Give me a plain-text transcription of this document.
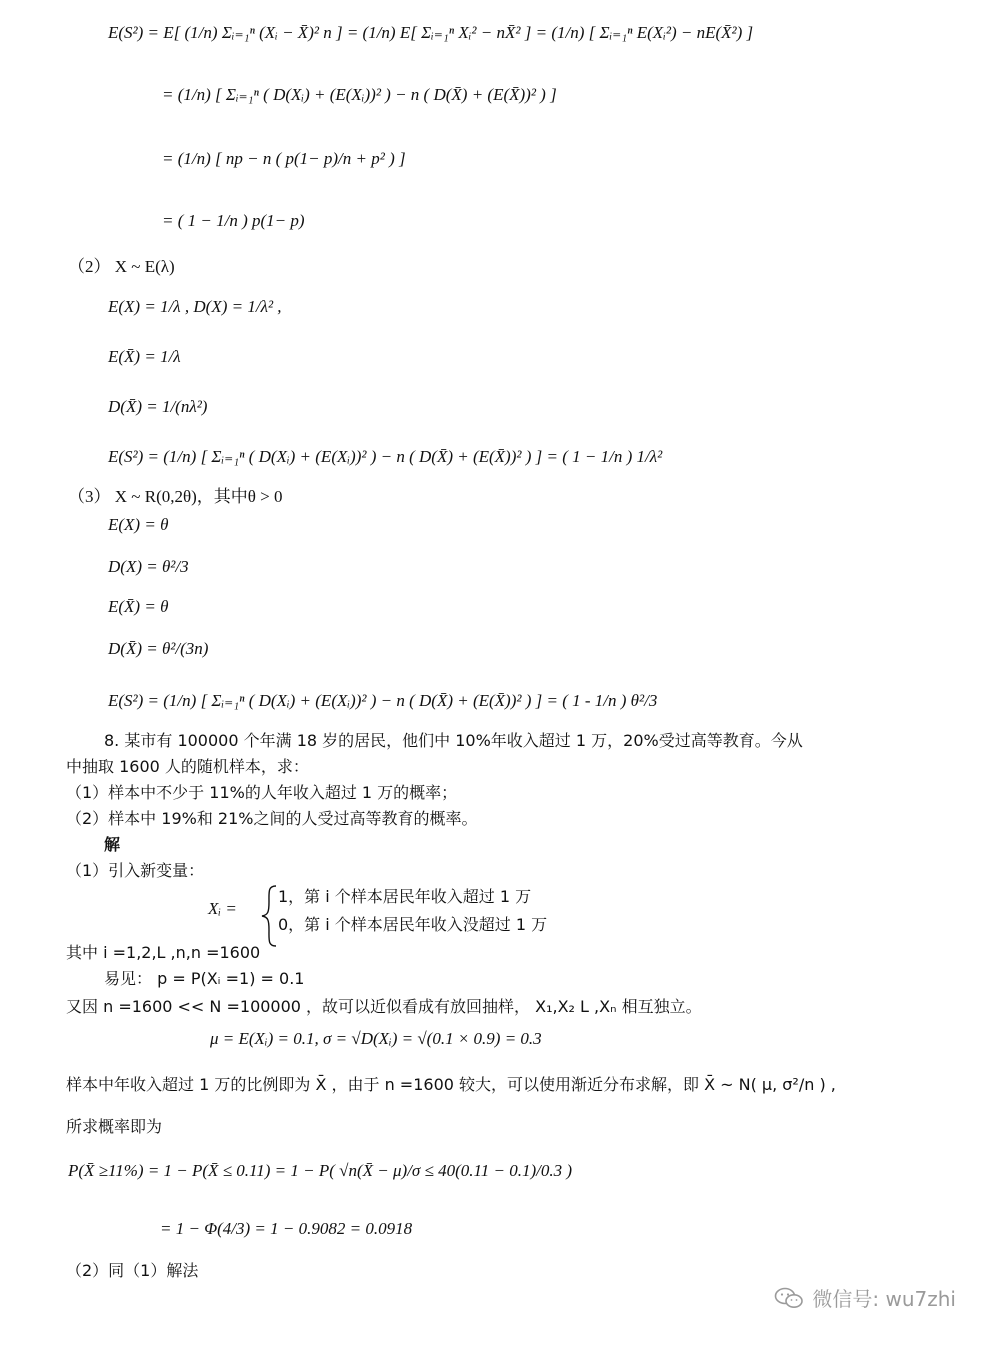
E(S²) = E[ (1/n) Σᵢ₌₁ⁿ (Xᵢ − X̄)² n ] = (1/n) E[ Σᵢ₌₁ⁿ Xᵢ² − nX̄² ] = (1/n) [ Σᵢ₌₁ⁿ E(Xᵢ²) − nE(X̄²) ]
= (1/n) [ Σᵢ₌₁ⁿ ( D(Xᵢ) + (E(Xᵢ))² ) − n ( D(X̄) + (E(X̄))² ) ]
= (1/n) [ np − n ( p(1− p)/n + p² ) ]
= ( 1 − 1/n ) p(1− p)
（2） X ~ E(λ)
E(X) = 1/λ , D(X) = 1/λ² ,
E(X̄) = 1/λ
D(X̄) = 1/(nλ²)
E(S²) = (1/n) [ Σᵢ₌₁ⁿ ( D(Xᵢ) + (E(Xᵢ))² ) − n ( D(X̄) + (E(X̄))² ) ] = ( 1 − 1/n ) 1/λ²
（3） X ~ R(0,2θ)，其中θ > 0
E(X) = θ
D(X) = θ²/3
E(X̄) = θ
D(X̄) = θ²/(3n)
E(S²) = (1/n) [ Σᵢ₌₁ⁿ ( D(Xᵢ) + (E(Xᵢ))² ) − n ( D(X̄) + (E(X̄))² ) ] = ( 1 - 1/n ) θ²/3
8. 某市有 100000 个年满 18 岁的居民，他们中 10%年收入超过 1 万，20%受过高等教育。今从
中抽取 1600 人的随机样本，求：
（1）样本中不少于 11%的人年收入超过 1 万的概率；
（2）样本中 19%和 21%之间的人受过高等教育的概率。
解
（1）引入新变量：
Xᵢ =
1，第 i 个样本居民年收入超过 1 万
0，第 i 个样本居民年收入没超过 1 万
其中 i =1,2,L ,n,n =1600
易见： p = P(Xᵢ =1) = 0.1
又因 n =1600 << N =100000 ，故可以近似看成有放回抽样， X₁,X₂ L ,Xₙ 相互独立。
μ = E(Xᵢ) = 0.1, σ = √D(Xᵢ) = √(0.1 × 0.9) = 0.3
样本中年收入超过 1 万的比例即为 X̄ ，由于 n =1600 较大，可以使用渐近分布求解，即 X̄ ~ N( μ, σ²/n ) ,
所求概率即为
P(X̄ ≥11%) = 1 − P(X̄ ≤ 0.11) = 1 − P( √n(X̄ − μ)/σ ≤ 40(0.11 − 0.1)/0.3 )
= 1 − Φ(4/3) = 1 − 0.9082 = 0.0918
（2）同（1）解法
微信号: wu7zhi
